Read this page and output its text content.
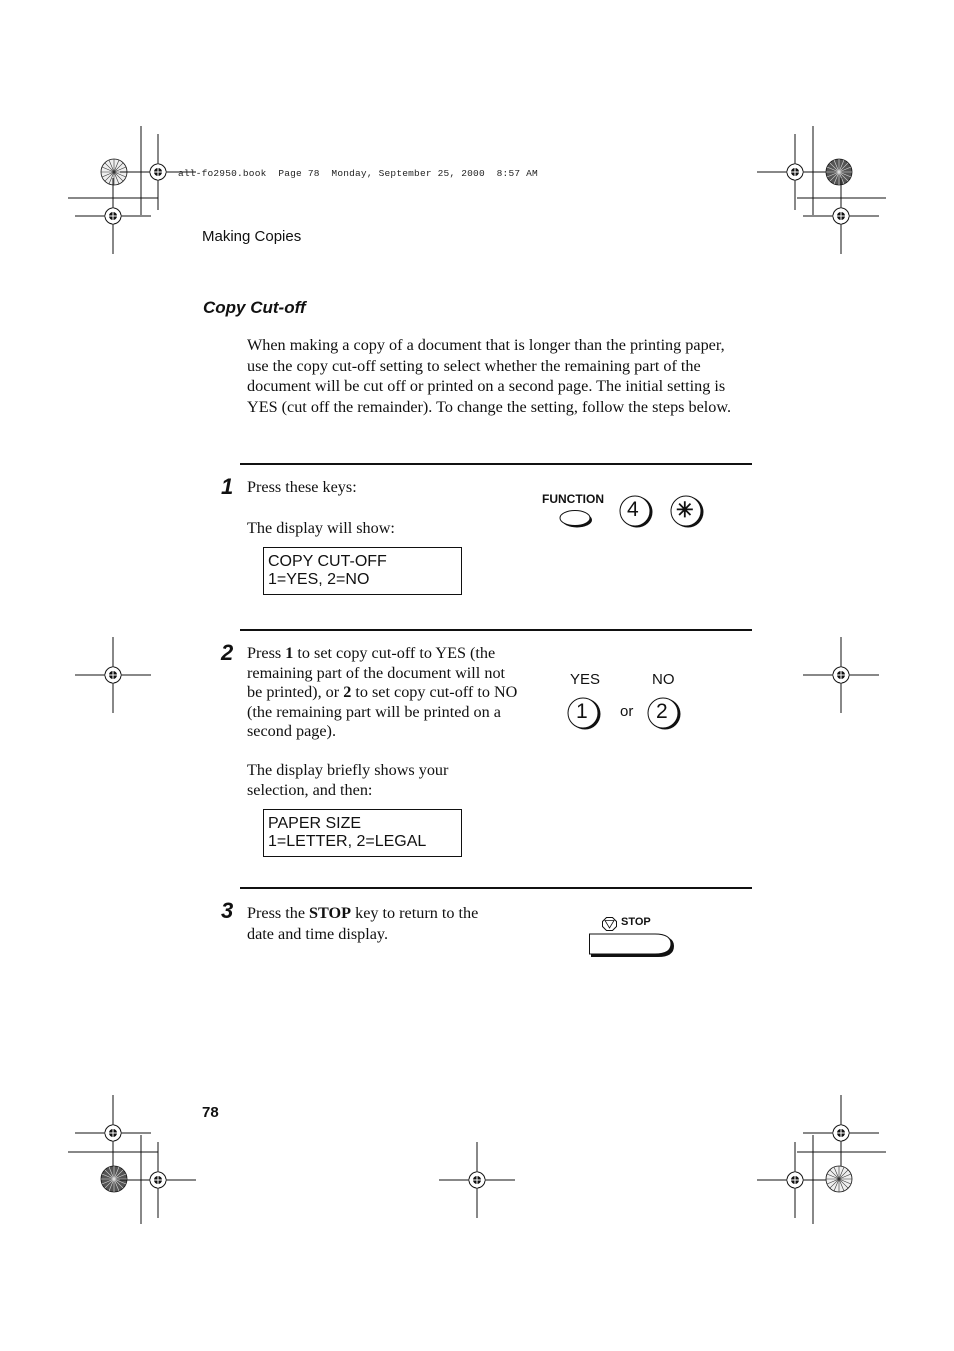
all-fo2950.book  Page 78  Monday, September 25, 2000  8:57 AM
Making Copies
Copy Cut-off
When making a copy of a document that is longer than the printing paper, use the copy cut-off setting to select whether the remaining part of the document will be cut off or printed on a second page. The initial setting is YES (cut off the remainder). To change the setting, follow the steps below.
1 Press these keys:
The display will show:
COPY CUT-OFF
1=YES, 2=NO
FUNCTION 4 ✳
2 Press 1 to set copy cut-off to YES (the remaining part of the document will not be printed), or 2 to set copy cut-off to NO (the remaining part will be printed on a second page).
The display briefly shows your selection, and then:
PAPER SIZE
1=LETTER, 2=LEGAL
YES	NO
or
1	2
3 Press the STOP key to return to the date and time display.
STOP
78
